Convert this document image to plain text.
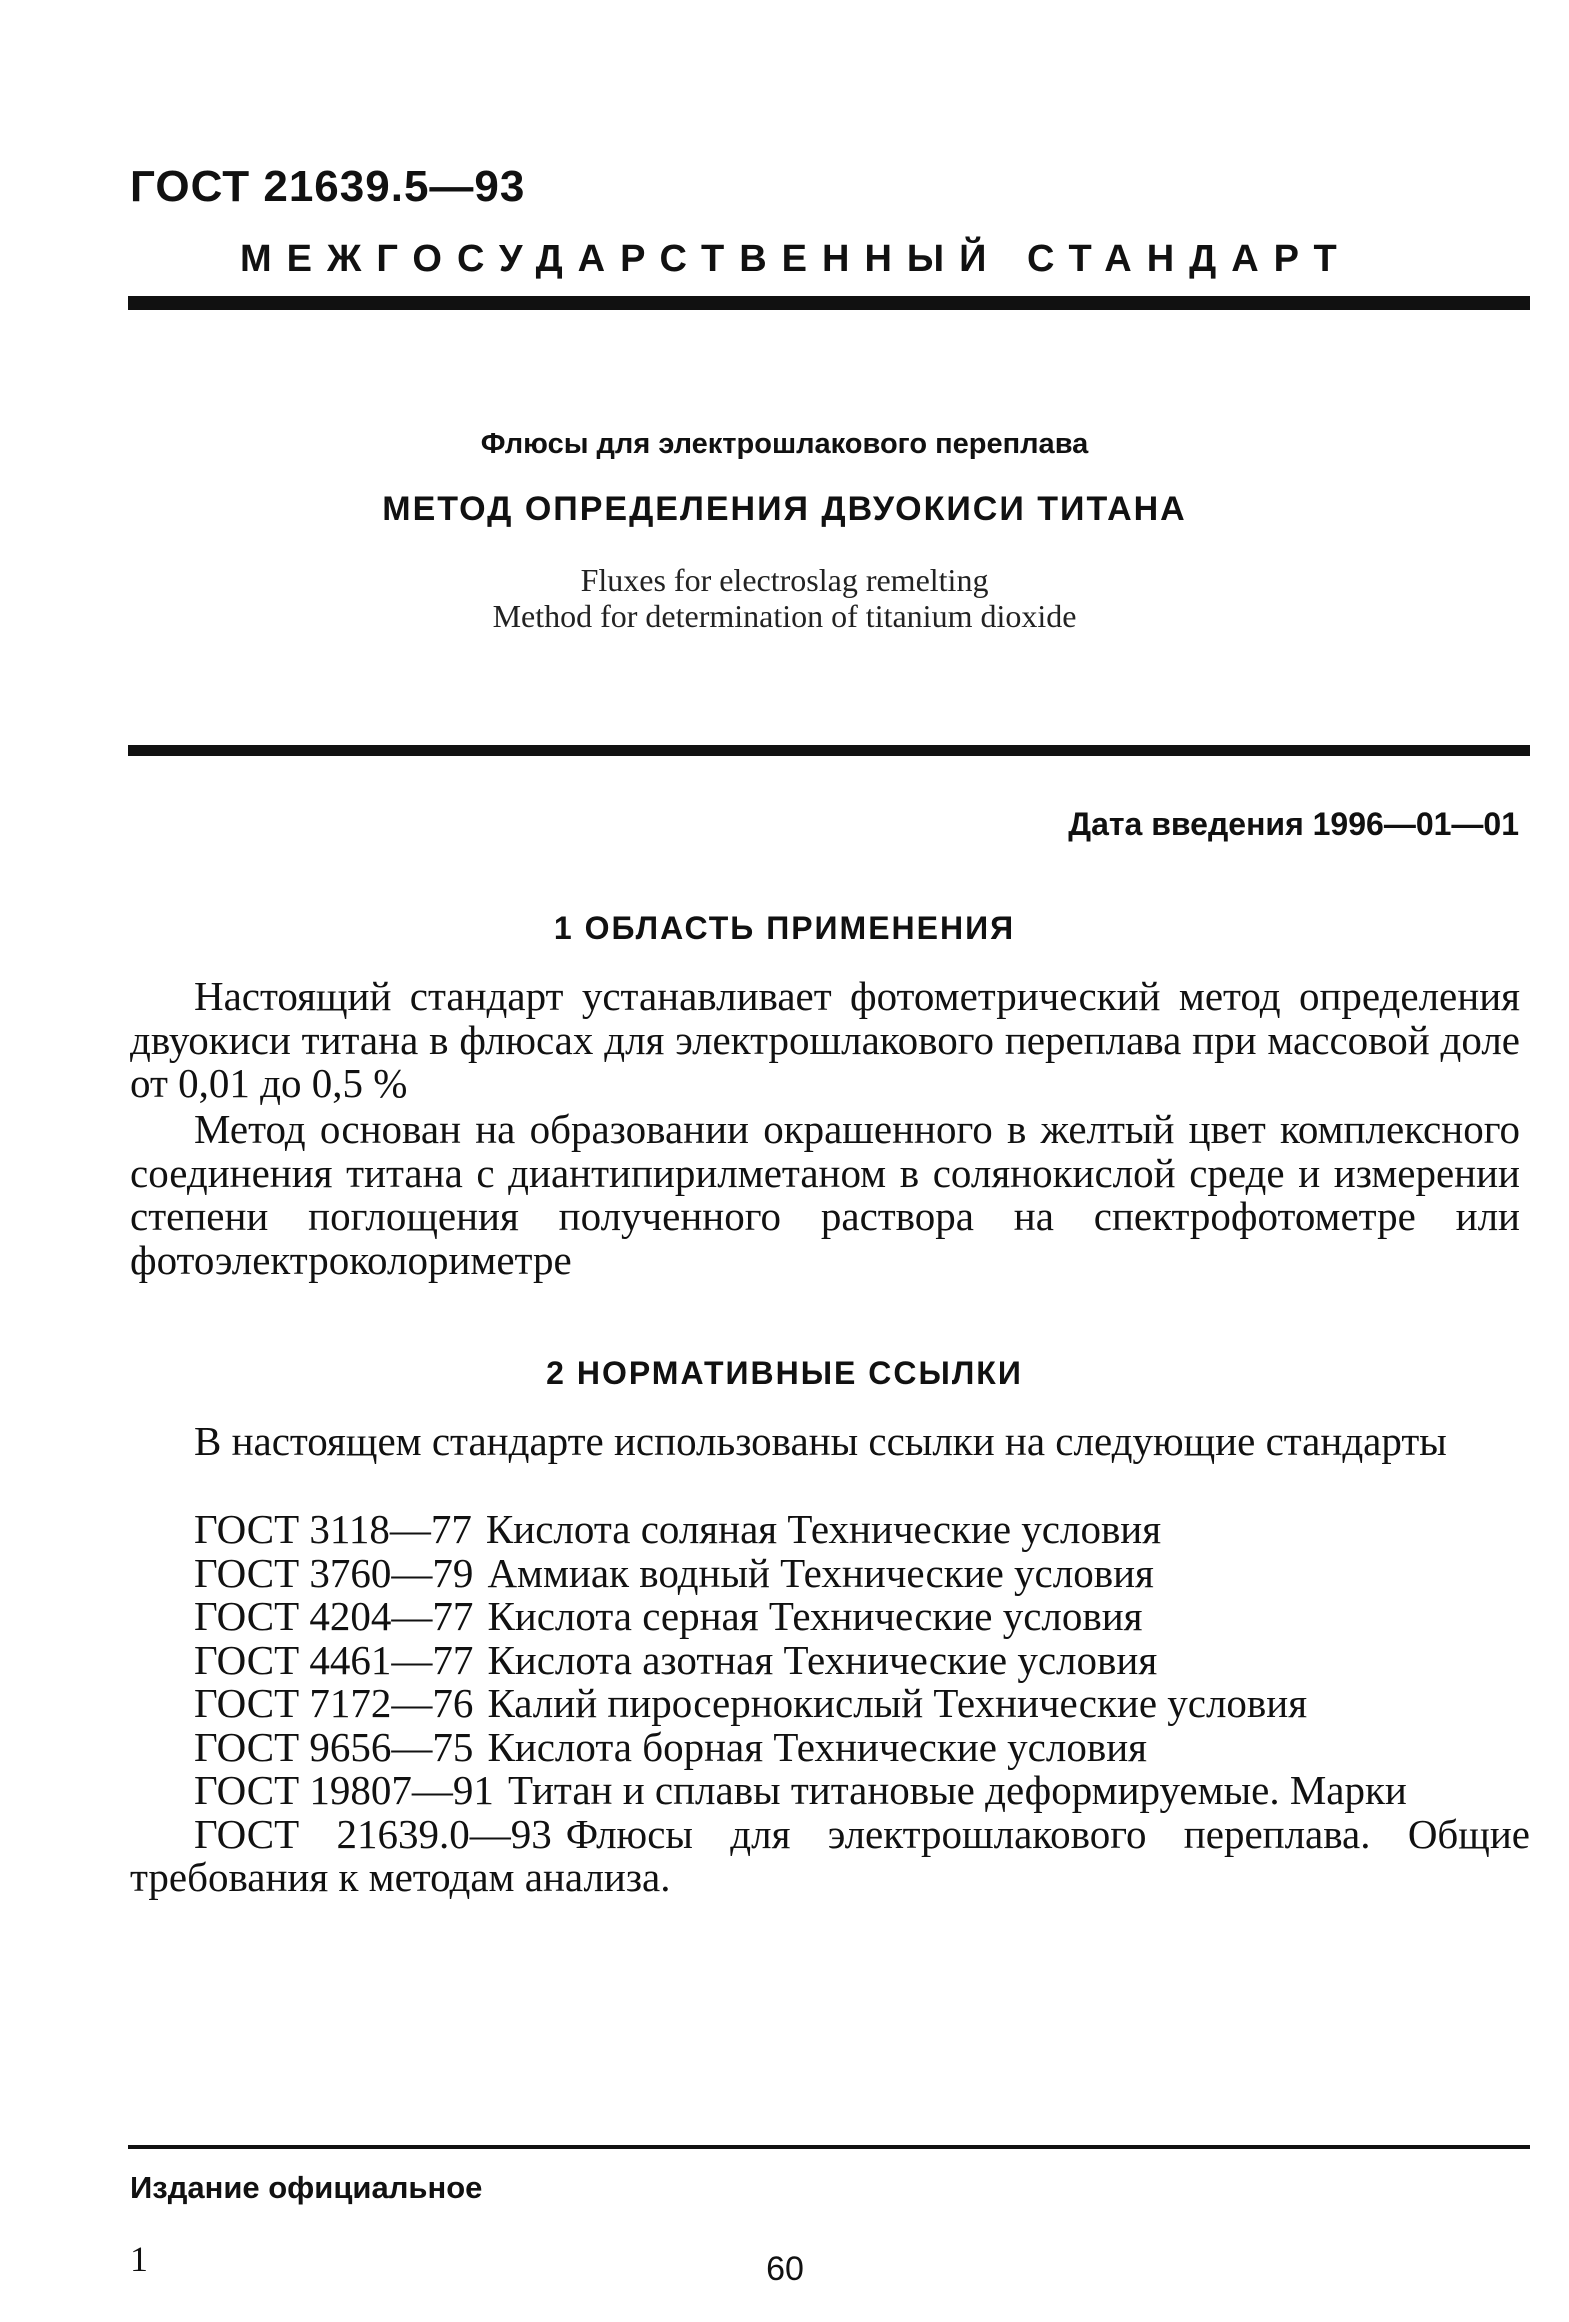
ГОСТ 21639.5—93
МЕЖГОСУДАРСТВЕННЫЙ СТАНДАРТ
Флюсы для электрошлакового переплава
МЕТОД ОПРЕДЕЛЕНИЯ ДВУОКИСИ ТИТАНА
Fluxes for electroslag remelting
Method for determination of titanium dioxide
Дата введения 1996—01—01
1 ОБЛАСТЬ ПРИМЕНЕНИЯ
Настоящий стандарт устанавливает фотометрический метод определения двуокиси титана в флюсах для электрошлакового переплава при массовой доле от 0,01 до 0,5 %
Метод основан на образовании окрашенного в желтый цвет комплексного соединения титана с диантипирилметаном в солянокислой среде и измерении степени поглощения полученного раствора на спектрофотометре или фотоэлектроколориметре
2 НОРМАТИВНЫЕ ССЫЛКИ
В настоящем стандарте использованы ссылки на следующие стандарты
ГОСТ 3118—77 Кислота соляная Технические условия
ГОСТ 3760—79 Аммиак водный Технические условия
ГОСТ 4204—77 Кислота серная Технические условия
ГОСТ 4461—77 Кислота азотная Технические условия
ГОСТ 7172—76 Калий пиросернокислый Технические условия
ГОСТ 9656—75 Кислота борная Технические условия
ГОСТ 19807—91 Титан и сплавы титановые деформируемые. Марки
ГОСТ 21639.0—93 Флюсы для электрошлакового переплава. Общие требования к методам анализа.
Издание официальное
1	60
